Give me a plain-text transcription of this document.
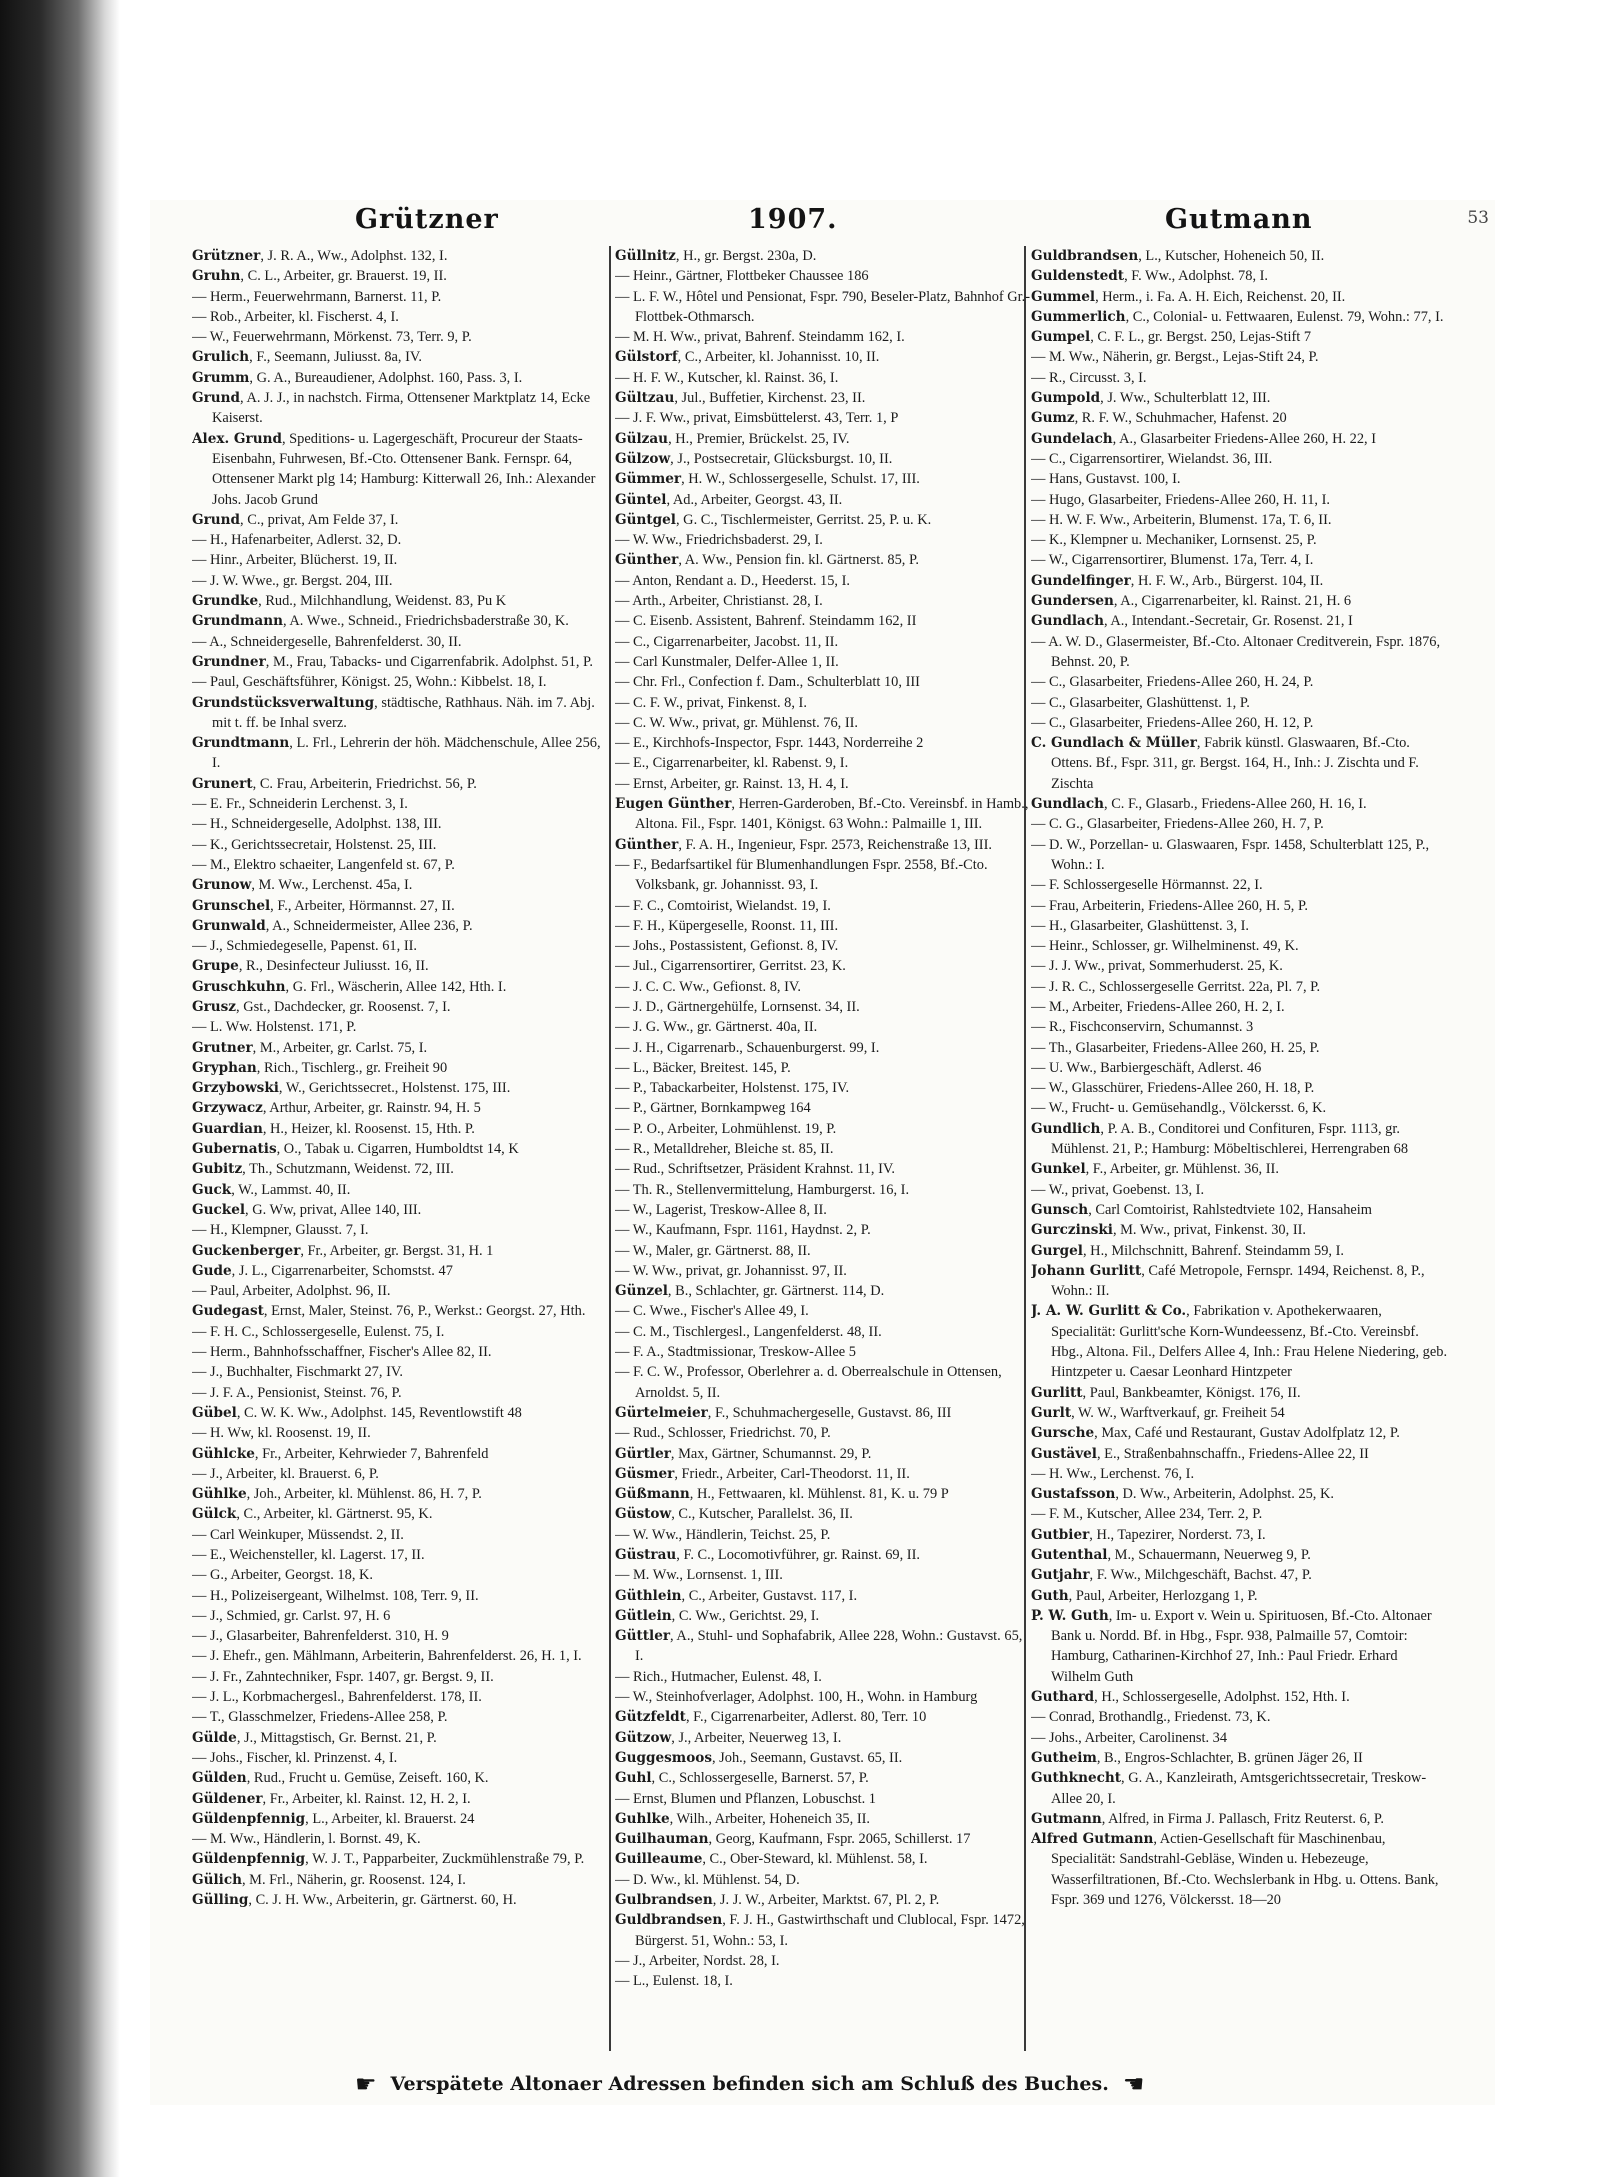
Grützner	1907.	Gutmann	53

Grützner, J. R. A., Ww., Adolphst. 132, I.

Gruhn, C. L., Arbeiter, gr. Brauerst. 19, II.

— Herm., Feuerwehrmann, Barnerst. 11, P.

— Rob., Arbeiter, kl. Fischerst. 4, I.

— W., Feuerwehrmann, Mörkenst. 73, Terr. 9, P.

Grulich, F., Seemann, Juliusst. 8a, IV.

Grumm, G. A., Bureaudiener, Adolphst. 160, Pass. 3, I.

Grund, A. J. J., in nachstch. Firma, Ottensener Marktplatz 14, Ecke Kaiserst.

Alex. Grund, Speditions- u. Lagergeschäft, Procureur der Staats-Eisenbahn, Fuhrwesen, Bf.-Cto. Ottensener Bank. Fernspr. 64, Ottensener Markt plg 14; Hamburg: Kitterwall 26, Inh.: Alexander Johs. Jacob Grund

Grund, C., privat, Am Felde 37, I.

— H., Hafenarbeiter, Adlerst. 32, D.

— Hinr., Arbeiter, Blücherst. 19, II.

— J. W. Wwe., gr. Bergst. 204, III.

Grundke, Rud., Milchhandlung, Weidenst. 83, Pu K

Grundmann, A. Wwe., Schneid., Friedrichsbaderstraße 30, K.

— A., Schneidergeselle, Bahrenfelderst. 30, II.

Grundner, M., Frau, Tabacks- und Cigarrenfabrik. Adolphst. 51, P.

— Paul, Geschäftsführer, Königst. 25, Wohn.: Kibbelst. 18, I.

Grundstücksverwaltung, städtische, Rathhaus. Näh. im 7. Abj. mit t. ff. be Inhal sverz.

Grundtmann, L. Frl., Lehrerin der höh. Mädchenschule, Allee 256, I.

Grunert, C. Frau, Arbeiterin, Friedrichst. 56, P.

— E. Fr., Schneiderin Lerchenst. 3, I.

— H., Schneidergeselle, Adolphst. 138, III.

— K., Gerichtssecretair, Holstenst. 25, III.

— M., Elektro schaeiter, Langenfeld st. 67, P.

Grunow, M. Ww., Lerchenst. 45a, I.

Grunschel, F., Arbeiter, Hörmannst. 27, II.

Grunwald, A., Schneidermeister, Allee 236, P.

— J., Schmiedegeselle, Papenst. 61, II.

Grupe, R., Desinfecteur Juliusst. 16, II.

Gruschkuhn, G. Frl., Wäscherin, Allee 142, Hth. I.

Grusz, Gst., Dachdecker, gr. Roosenst. 7, I.

— L. Ww. Holstenst. 171, P.

Grutner, M., Arbeiter, gr. Carlst. 75, I.

Gryphan, Rich., Tischlerg., gr. Freiheit 90

Grzybowski, W., Gerichtssecret., Holstenst. 175, III.

Grzywacz, Arthur, Arbeiter, gr. Rainstr. 94, H. 5

Guardian, H., Heizer, kl. Roosenst. 15, Hth. P.

Gubernatis, O., Tabak u. Cigarren, Humboldtst 14, K

Gubitz, Th., Schutzmann, Weidenst. 72, III.

Guck, W., Lammst. 40, II.

Guckel, G. Ww, privat, Allee 140, III.

— H., Klempner, Glausst. 7, I.

Guckenberger, Fr., Arbeiter, gr. Bergst. 31, H. 1

Gude, J. L., Cigarrenarbeiter, Schomstst. 47

— Paul, Arbeiter, Adolphst. 96, II.

Gudegast, Ernst, Maler, Steinst. 76, P., Werkst.: Georgst. 27, Hth.

— F. H. C., Schlossergeselle, Eulenst. 75, I.

— Herm., Bahnhofsschaffner, Fischer's Allee 82, II.

— J., Buchhalter, Fischmarkt 27, IV.

— J. F. A., Pensionist, Steinst. 76, P.

Gübel, C. W. K. Ww., Adolphst. 145, Reventlowstift 48

— H. Ww, kl. Roosenst. 19, II.

Gühlcke, Fr., Arbeiter, Kehrwieder 7, Bahrenfeld

— J., Arbeiter, kl. Brauerst. 6, P.

Gühlke, Joh., Arbeiter, kl. Mühlenst. 86, H. 7, P.

Gülck, C., Arbeiter, kl. Gärtnerst. 95, K.

— Carl Weinkuper, Müssendst. 2, II.

— E., Weichensteller, kl. Lagerst. 17, II.

— G., Arbeiter, Georgst. 18, K.

— H., Polizeisergeant, Wilhelmst. 108, Terr. 9, II.

— J., Schmied, gr. Carlst. 97, H. 6

— J., Glasarbeiter, Bahrenfelderst. 310, H. 9

— J. Ehefr., gen. Mählmann, Arbeiterin, Bahrenfelderst. 26, H. 1, I.

— J. Fr., Zahntechniker, Fspr. 1407, gr. Bergst. 9, II.

— J. L., Korbmachergesl., Bahrenfelderst. 178, II.

— T., Glasschmelzer, Friedens-Allee 258, P.

Gülde, J., Mittagstisch, Gr. Bernst. 21, P.

— Johs., Fischer, kl. Prinzenst. 4, I.

Gülden, Rud., Frucht u. Gemüse, Zeiseft. 160, K.

Güldener, Fr., Arbeiter, kl. Rainst. 12, H. 2, I.

Güldenpfennig, L., Arbeiter, kl. Brauerst. 24

— M. Ww., Händlerin, l. Bornst. 49, K.

Güldenpfennig, W. J. T., Papparbeiter, Zuckmühlenstraße 79, P.

Gülich, M. Frl., Näherin, gr. Roosenst. 124, I.

Gülling, C. J. H. Ww., Arbeiterin, gr. Gärtnerst. 60, H.

Güllnitz, H., gr. Bergst. 230a, D.

— Heinr., Gärtner, Flottbeker Chaussee 186

— L. F. W., Hôtel und Pensionat, Fspr. 790, Beseler-Platz, Bahnhof Gr.-Flottbek-Othmarsch.

— M. H. Ww., privat, Bahrenf. Steindamm 162, I.

Gülstorf, C., Arbeiter, kl. Johannisst. 10, II.

— H. F. W., Kutscher, kl. Rainst. 36, I.

Gültzau, Jul., Buffetier, Kirchenst. 23, II.

— J. F. Ww., privat, Eimsbüttelerst. 43, Terr. 1, P

Gülzau, H., Premier, Brückelst. 25, IV.

Gülzow, J., Postsecretair, Glücksburgst. 10, II.

Gümmer, H. W., Schlossergeselle, Schulst. 17, III.

Güntel, Ad., Arbeiter, Georgst. 43, II.

Güntgel, G. C., Tischlermeister, Gerritst. 25, P. u. K.

— W. Ww., Friedrichsbaderst. 29, I.

Günther, A. Ww., Pension fin. kl. Gärtnerst. 85, P.

— Anton, Rendant a. D., Heederst. 15, I.

— Arth., Arbeiter, Christianst. 28, I.

— C. Eisenb. Assistent, Bahrenf. Steindamm 162, II

— C., Cigarrenarbeiter, Jacobst. 11, II.

— Carl Kunstmaler, Delfer-Allee 1, II.

— Chr. Frl., Confection f. Dam., Schulterblatt 10, III

— C. F. W., privat, Finkenst. 8, I.

— C. W. Ww., privat, gr. Mühlenst. 76, II.

— E., Kirchhofs-Inspector, Fspr. 1443, Norderreihe 2

— E., Cigarrenarbeiter, kl. Rabenst. 9, I.

— Ernst, Arbeiter, gr. Rainst. 13, H. 4, I.

Eugen Günther, Herren-Garderoben, Bf.-Cto. Vereinsbf. in Hamb., Altona. Fil., Fspr. 1401, Königst. 63 Wohn.: Palmaille 1, III.

Günther, F. A. H., Ingenieur, Fspr. 2573, Reichenstraße 13, III.

— F., Bedarfsartikel für Blumenhandlungen Fspr. 2558, Bf.-Cto. Volksbank, gr. Johannisst. 93, I.

— F. C., Comtoirist, Wielandst. 19, I.

— F. H., Küpergeselle, Roonst. 11, III.

— Johs., Postassistent, Gefionst. 8, IV.

— Jul., Cigarrensortirer, Gerritst. 23, K.

— J. C. C. Ww., Gefionst. 8, IV.

— J. D., Gärtnergehülfe, Lornsenst. 34, II.

— J. G. Ww., gr. Gärtnerst. 40a, II.

— J. H., Cigarrenarb., Schauenburgerst. 99, I.

— L., Bäcker, Breitest. 145, P.

— P., Tabackarbeiter, Holstenst. 175, IV.

— P., Gärtner, Bornkampweg 164

— P. O., Arbeiter, Lohmühlenst. 19, P.

— R., Metalldreher, Bleiche st. 85, II.

— Rud., Schriftsetzer, Präsident Krahnst. 11, IV.

— Th. R., Stellenvermittelung, Hamburgerst. 16, I.

— W., Lagerist, Treskow-Allee 8, II.

— W., Kaufmann, Fspr. 1161, Haydnst. 2, P.

— W., Maler, gr. Gärtnerst. 88, II.

— W. Ww., privat, gr. Johannisst. 97, II.

Günzel, B., Schlachter, gr. Gärtnerst. 114, D.

— C. Wwe., Fischer's Allee 49, I.

— C. M., Tischlergesl., Langenfelderst. 48, II.

— F. A., Stadtmissionar, Treskow-Allee 5

— F. C. W., Professor, Oberlehrer a. d. Oberrealschule in Ottensen, Arnoldst. 5, II.

Gürtelmeier, F., Schuhmachergeselle, Gustavst. 86, III

— Rud., Schlosser, Friedrichst. 70, P.

Gürtler, Max, Gärtner, Schumannst. 29, P.

Güsmer, Friedr., Arbeiter, Carl-Theodorst. 11, II.

Güßmann, H., Fettwaaren, kl. Mühlenst. 81, K. u. 79 P

Güstow, C., Kutscher, Parallelst. 36, II.

— W. Ww., Händlerin, Teichst. 25, P.

Güstrau, F. C., Locomotivführer, gr. Rainst. 69, II.

— M. Ww., Lornsenst. 1, III.

Güthlein, C., Arbeiter, Gustavst. 117, I.

Gütlein, C. Ww., Gerichtst. 29, I.

Güttler, A., Stuhl- und Sophafabrik, Allee 228, Wohn.: Gustavst. 65, I.

— Rich., Hutmacher, Eulenst. 48, I.

— W., Steinhofverlager, Adolphst. 100, H., Wohn. in Hamburg

Gützfeldt, F., Cigarrenarbeiter, Adlerst. 80, Terr. 10

Gützow, J., Arbeiter, Neuerweg 13, I.

Guggesmoos, Joh., Seemann, Gustavst. 65, II.

Guhl, C., Schlossergeselle, Barnerst. 57, P.

— Ernst, Blumen und Pflanzen, Lobuschst. 1

Guhlke, Wilh., Arbeiter, Hoheneich 35, II.

Guilhauman, Georg, Kaufmann, Fspr. 2065, Schillerst. 17

Guilleaume, C., Ober-Steward, kl. Mühlenst. 58, I.

— D. Ww., kl. Mühlenst. 54, D.

Gulbrandsen, J. J. W., Arbeiter, Marktst. 67, Pl. 2, P.

Guldbrandsen, F. J. H., Gastwirthschaft und Clublocal, Fspr. 1472, Bürgerst. 51, Wohn.: 53, I.

— J., Arbeiter, Nordst. 28, I.

— L., Eulenst. 18, I.

Guldbrandsen, L., Kutscher, Hoheneich 50, II.

Guldenstedt, F. Ww., Adolphst. 78, I.

Gummel, Herm., i. Fa. A. H. Eich, Reichenst. 20, II.

Gummerlich, C., Colonial- u. Fettwaaren, Eulenst. 79, Wohn.: 77, I.

Gumpel, C. F. L., gr. Bergst. 250, Lejas-Stift 7

— M. Ww., Näherin, gr. Bergst., Lejas-Stift 24, P.

— R., Circusst. 3, I.

Gumpold, J. Ww., Schulterblatt 12, III.

Gumz, R. F. W., Schuhmacher, Hafenst. 20

Gundelach, A., Glasarbeiter Friedens-Allee 260, H. 22, I

— C., Cigarrensortirer, Wielandst. 36, III.

— Hans, Gustavst. 100, I.

— Hugo, Glasarbeiter, Friedens-Allee 260, H. 11, I.

— H. W. F. Ww., Arbeiterin, Blumenst. 17a, T. 6, II.

— K., Klempner u. Mechaniker, Lornsenst. 25, P.

— W., Cigarrensortirer, Blumenst. 17a, Terr. 4, I.

Gundelfinger, H. F. W., Arb., Bürgerst. 104, II.

Gundersen, A., Cigarrenarbeiter, kl. Rainst. 21, H. 6

Gundlach, A., Intendant.-Secretair, Gr. Rosenst. 21, I

— A. W. D., Glasermeister, Bf.-Cto. Altonaer Creditverein, Fspr. 1876, Behnst. 20, P.

— C., Glasarbeiter, Friedens-Allee 260, H. 24, P.

— C., Glasarbeiter, Glashüttenst. 1, P.

— C., Glasarbeiter, Friedens-Allee 260, H. 12, P.

C. Gundlach & Müller, Fabrik künstl. Glaswaaren, Bf.-Cto. Ottens. Bf., Fspr. 311, gr. Bergst. 164, H., Inh.: J. Zischta und F. Zischta

Gundlach, C. F., Glasarb., Friedens-Allee 260, H. 16, I.

— C. G., Glasarbeiter, Friedens-Allee 260, H. 7, P.

— D. W., Porzellan- u. Glaswaaren, Fspr. 1458, Schulterblatt 125, P., Wohn.: I.

— F. Schlossergeselle Hörmannst. 22, I.

— Frau, Arbeiterin, Friedens-Allee 260, H. 5, P.

— H., Glasarbeiter, Glashüttenst. 3, I.

— Heinr., Schlosser, gr. Wilhelminenst. 49, K.

— J. J. Ww., privat, Sommerhuderst. 25, K.

— J. R. C., Schlossergeselle Gerritst. 22a, Pl. 7, P.

— M., Arbeiter, Friedens-Allee 260, H. 2, I.

— R., Fischconservirn, Schumannst. 3

— Th., Glasarbeiter, Friedens-Allee 260, H. 25, P.

— U. Ww., Barbiergeschäft, Adlerst. 46

— W., Glasschürer, Friedens-Allee 260, H. 18, P.

— W., Frucht- u. Gemüsehandlg., Völckersst. 6, K.

Gundlich, P. A. B., Conditorei und Confituren, Fspr. 1113, gr. Mühlenst. 21, P.; Hamburg: Möbeltischlerei, Herrengraben 68

Gunkel, F., Arbeiter, gr. Mühlenst. 36, II.

— W., privat, Goebenst. 13, I.

Gunsch, Carl Comtoirist, Rahlstedtviete 102, Hansaheim

Gurczinski, M. Ww., privat, Finkenst. 30, II.

Gurgel, H., Milchschnitt, Bahrenf. Steindamm 59, I.

Johann Gurlitt, Café Metropole, Fernspr. 1494, Reichenst. 8, P., Wohn.: II.

J. A. W. Gurlitt & Co., Fabrikation v. Apothekerwaaren, Specialität: Gurlitt'sche Korn-Wundeessenz, Bf.-Cto. Vereinsbf. Hbg., Altona. Fil., Delfers Allee 4, Inh.: Frau Helene Niedering, geb. Hintzpeter u. Caesar Leonhard Hintzpeter

Gurlitt, Paul, Bankbeamter, Königst. 176, II.

Gurlt, W. W., Warftverkauf, gr. Freiheit 54

Gursche, Max, Café und Restaurant, Gustav Adolfplatz 12, P.

Gustävel, E., Straßenbahnschaffn., Friedens-Allee 22, II

— H. Ww., Lerchenst. 76, I.

Gustafsson, D. Ww., Arbeiterin, Adolphst. 25, K.

— F. M., Kutscher, Allee 234, Terr. 2, P.

Gutbier, H., Tapezirer, Norderst. 73, I.

Gutenthal, M., Schauermann, Neuerweg 9, P.

Gutjahr, F. Ww., Milchgeschäft, Bachst. 47, P.

Guth, Paul, Arbeiter, Herlozgang 1, P.

P. W. Guth, Im- u. Export v. Wein u. Spirituosen, Bf.-Cto. Altonaer Bank u. Nordd. Bf. in Hbg., Fspr. 938, Palmaille 57, Comtoir: Hamburg, Catharinen-Kirchhof 27, Inh.: Paul Friedr. Erhard Wilhelm Guth

Guthard, H., Schlossergeselle, Adolphst. 152, Hth. I.

— Conrad, Brothandlg., Friedenst. 73, K.

— Johs., Arbeiter, Carolinenst. 34

Gutheim, B., Engros-Schlachter, B. grünen Jäger 26, II

Guthknecht, G. A., Kanzleirath, Amtsgerichtssecretair, Treskow-Allee 20, I.

Gutmann, Alfred, in Firma J. Pallasch, Fritz Reuterst. 6, P.

Alfred Gutmann, Actien-Gesellschaft für Maschinenbau, Specialität: Sandstrahl-Gebläse, Winden u. Hebezeuge, Wasserfiltrationen, Bf.-Cto. Wechslerbank in Hbg. u. Ottens. Bank, Fspr. 369 und 1276, Völckersst. 18—20

☛ Verspätete Altonaer Adressen befinden sich am Schluß des Buches. ☚
